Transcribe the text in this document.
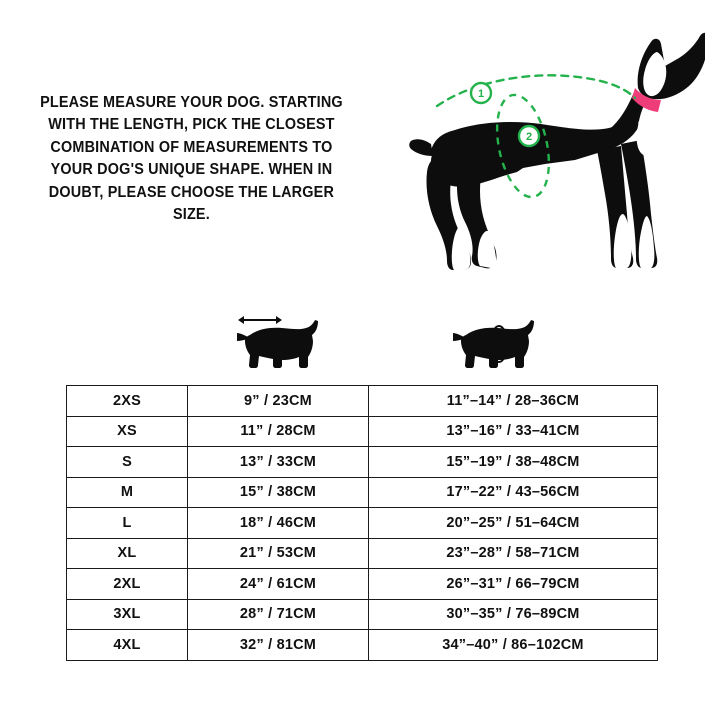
PLEASE MEASURE YOUR DOG. STARTING WITH THE LENGTH, PICK THE CLOSEST COMBINATION OF MEASUREMENTS TO YOUR DOG'S UNIQUE SHAPE. WHEN IN DOUBT, PLEASE CHOOSE THE LARGER SIZE.
1
2
2XS	9” / 23CM	11”–14” / 28–36CM
XS	11” / 28CM	13”–16” / 33–41CM
S	13” / 33CM	15”–19” / 38–48CM
M	15” / 38CM	17”–22” / 43–56CM
L	18” / 46CM	20”–25” / 51–64CM
XL	21” / 53CM	23”–28” / 58–71CM
2XL	24” / 61CM	26”–31” / 66–79CM
3XL	28” / 71CM	30”–35” / 76–89CM
4XL	32” / 81CM	34”–40” / 86–102CM
